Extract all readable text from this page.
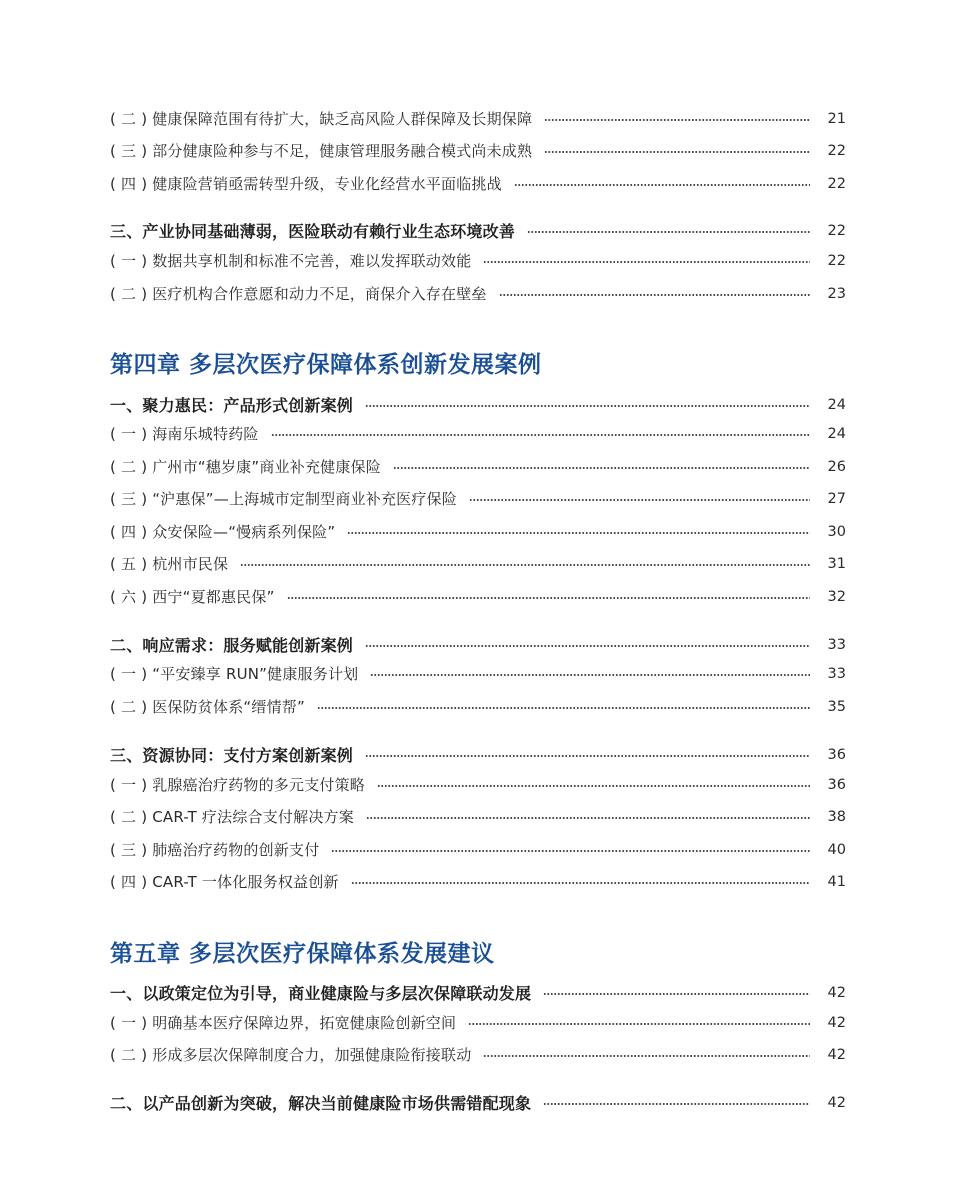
( 二 ) 健康保障范围有待扩大，缺乏高风险人群保障及长期保障	21
( 三 ) 部分健康险种参与不足，健康管理服务融合模式尚未成熟	22
( 四 ) 健康险营销亟需转型升级，专业化经营水平面临挑战	22
三、产业协同基础薄弱，医险联动有赖行业生态环境改善	22
( 一 ) 数据共享机制和标准不完善，难以发挥联动效能	22
( 二 ) 医疗机构合作意愿和动力不足，商保介入存在壁垒	23
第四章 多层次医疗保障体系创新发展案例
一、聚力惠民：产品形式创新案例	24
( 一 ) 海南乐城特药险	24
( 二 ) 广州市“穗岁康”商业补充健康保险	26
( 三 ) “沪惠保”—上海城市定制型商业补充医疗保险	27
( 四 ) 众安保险—“慢病系列保险”	30
( 五 ) 杭州市民保	31
( 六 ) 西宁“夏都惠民保”	32
二、响应需求：服务赋能创新案例	33
( 一 ) “平安臻享 RUN”健康服务计划	33
( 二 ) 医保防贫体系“缙情帮”	35
三、资源协同：支付方案创新案例	36
( 一 ) 乳腺癌治疗药物的多元支付策略	36
( 二 ) CAR-T 疗法综合支付解决方案	38
( 三 ) 肺癌治疗药物的创新支付	40
( 四 ) CAR-T 一体化服务权益创新	41
第五章 多层次医疗保障体系发展建议
一、以政策定位为引导，商业健康险与多层次保障联动发展	42
( 一 ) 明确基本医疗保障边界，拓宽健康险创新空间	42
( 二 ) 形成多层次保障制度合力，加强健康险衔接联动	42
二、以产品创新为突破，解决当前健康险市场供需错配现象	42
